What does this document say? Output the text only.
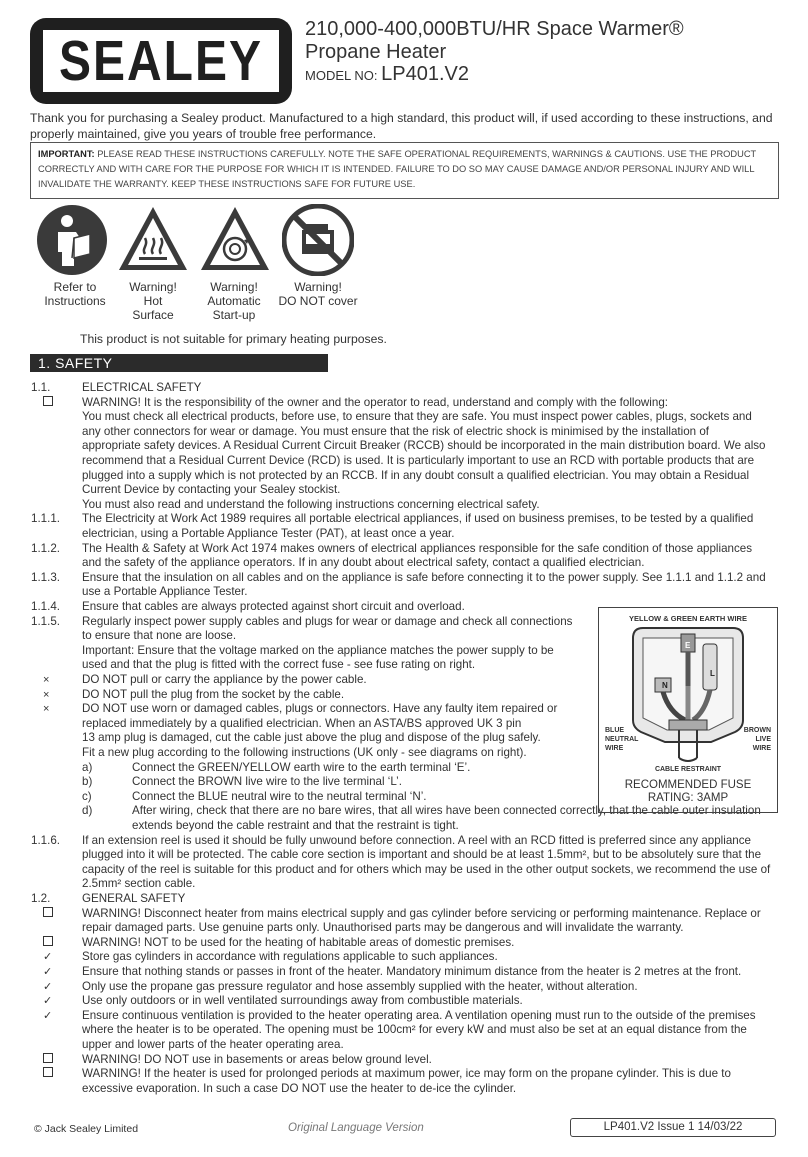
SEALEY
210,000-400,000BTU/HR Space Warmer®
Propane Heater
MODEL NO: LP401.V2
Thank you for purchasing a Sealey product. Manufactured to a high standard, this product will, if used according to these instructions, and properly maintained, give you years of trouble free performance.
IMPORTANT: PLEASE READ THESE INSTRUCTIONS CAREFULLY. NOTE THE SAFE OPERATIONAL REQUIREMENTS, WARNINGS & CAUTIONS. USE THE PRODUCT CORRECTLY AND WITH CARE FOR THE PURPOSE FOR WHICH IT IS INTENDED. FAILURE TO DO SO MAY CAUSE DAMAGE AND/OR PERSONAL INJURY AND WILL INVALIDATE THE WARRANTY. KEEP THESE INSTRUCTIONS SAFE FOR FUTURE USE.
Refer to
Instructions
Warning!
Hot
Surface
Warning!
Automatic
Start-up
Warning!
DO NOT cover
This product is not suitable for primary heating purposes.
1. SAFETY
1.1.	ELECTRICAL SAFETY
WARNING! It is the responsibility of the owner and the operator to read, understand and comply with the following:
You must check all electrical products, before use, to ensure that they are safe. You must inspect power cables, plugs, sockets and
any other connectors for wear or damage. You must ensure that the risk of electric shock is minimised by the installation of
appropriate safety devices. A Residual Current Circuit Breaker (RCCB) should be incorporated in the main distribution board. We also
recommend that a Residual Current Device (RCD) is used. It is particularly important to use an RCD with portable products that are
plugged into a supply which is not protected by an RCCB. If in any doubt consult a qualified electrician. You may obtain a Residual
Current Device by contacting your Sealey stockist.
You must also read and understand the following instructions concerning electrical safety.
1.1.1. The Electricity at Work Act 1989 requires all portable electrical appliances, if used on business premises, to be tested by a qualified
electrician, using a Portable Appliance Tester (PAT), at least once a year.
1.1.2. The Health & Safety at Work Act 1974 makes owners of electrical appliances responsible for the safe condition of those appliances
and the safety of the appliance operators. If in any doubt about electrical safety, contact a qualified electrician.
1.1.3. Ensure that the insulation on all cables and on the appliance is safe before connecting it to the power supply. See 1.1.1 and 1.1.2 and
use a Portable Appliance Tester.
1.1.4. Ensure that cables are always protected against short circuit and overload.
1.1.5. Regularly inspect power supply cables and plugs for wear or damage and check all connections
to ensure that none are loose.
Important: Ensure that the voltage marked on the appliance matches the power supply to be
used and that the plug is fitted with the correct fuse - see fuse rating on right.
×	DO NOT pull or carry the appliance by the power cable.
×	DO NOT pull the plug from the socket by the cable.
×	DO NOT use worn or damaged cables, plugs or connectors. Have any faulty item repaired or
replaced immediately by a qualified electrician. When an ASTA/BS approved UK 3 pin
13 amp plug is damaged, cut the cable just above the plug and dispose of the plug safely.
Fit a new plug according to the following instructions (UK only - see diagrams on right).
a)	Connect the GREEN/YELLOW earth wire to the earth terminal ‘E’.
b)	Connect the BROWN live wire to the live terminal ‘L’.
c)	Connect the BLUE neutral wire to the neutral terminal ‘N’.
d)	After wiring, check that there are no bare wires, that all wires have been connected correctly, that the cable outer insulation
extends beyond the cable restraint and that the restraint is tight.
1.1.6. If an extension reel is used it should be fully unwound before connection. A reel with an RCD fitted is preferred since any appliance
plugged into it will be protected. The cable core section is important and should be at least 1.5mm², but to be absolutely sure that the
capacity of the reel is suitable for this product and for others which may be used in the other output sockets, we recommend the use of
2.5mm² section cable.
1.2.	GENERAL SAFETY
WARNING! Disconnect heater from mains electrical supply and gas cylinder before servicing or performing maintenance. Replace or
repair damaged parts. Use genuine parts only. Unauthorised parts may be dangerous and will invalidate the warranty.
WARNING! NOT to be used for the heating of habitable areas of domestic premises.
✓	Store gas cylinders in accordance with regulations applicable to such appliances.
✓	Ensure that nothing stands or passes in front of the heater. Mandatory minimum distance from the heater is 2 metres at the front.
✓	Only use the propane gas pressure regulator and hose assembly supplied with the heater, without alteration.
✓	Use only outdoors or in well ventilated surroundings away from combustible materials.
✓	Ensure continuous ventilation is provided to the heater operating area. A ventilation opening must run to the outside of the premises
where the heater is to be operated. The opening must be 100cm² for every kW and must also be set at an equal distance from the
upper and lower parts of the heater operating area.
WARNING! DO NOT use in basements or areas below ground level.
WARNING! If the heater is used for prolonged periods at maximum power, ice may form on the propane cylinder. This is due to
excessive evaporation. In such a case DO NOT use the heater to de-ice the cylinder.
YELLOW & GREEN EARTH WIRE
N
L
E
BLUE
NEUTRAL
WIRE
BROWN
LIVE
WIRE
CABLE RESTRAINT
RECOMMENDED FUSE
RATING: 3AMP
© Jack Sealey Limited	Original Language Version	LP401.V2 Issue 1 14/03/22
